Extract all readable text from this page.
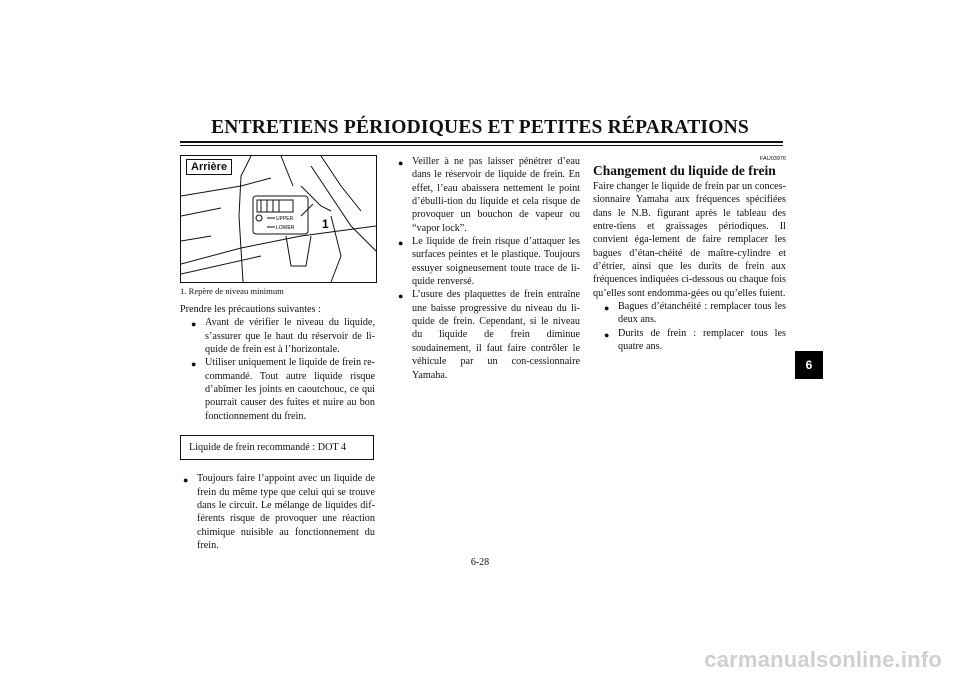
ENTRETIENS PÉRIODIQUES ET PETITES RÉPARATIONS
UPPER
LOWER 1
Arrière
1. Repère de niveau minimum

Prendre les précautions suivantes :

● Avant de vérifier le niveau du liquide, s’assurer que le haut du réservoir de li-quide de frein est à l’horizontale.
● Utiliser uniquement le liquide de frein re-commandé. Tout autre liquide risque d’abîmer les joints en caoutchouc, ce qui pourrait causer des fuites et nuire au bon fonctionnement du frein.
Liquide de frein recommandé : DOT 4
● Toujours faire l’appoint avec un liquide de frein du même type que celui qui se trouve dans le circuit. Le mélange de liquides dif-férents risque de provoquer une réaction chimique nuisible au fonctionnement du frein.
● Veiller à ne pas laisser pénétrer d’eau dans le réservoir de liquide de frein. En effet, l’eau abaissera nettement le point d’ébulli-tion du liquide et cela risque de provoquer un bouchon de vapeur ou “vapor lock”.
● Le liquide de frein risque d’attaquer les surfaces peintes et le plastique. Toujours essuyer soigneusement toute trace de li-quide renversé.
● L’usure des plaquettes de frein entraîne une baisse progressive du niveau du li-quide de frein. Cependant, si le niveau du liquide de frein diminue soudainement, il faut faire contrôler le véhicule par un con-cessionnaire Yamaha.
FAU03976
Changement du liquide de frein

Faire changer le liquide de frein par un conces-sionnaire Yamaha aux fréquences spécifiées dans le N.B. figurant après le tableau des entre-tiens et graissages périodiques. Il convient éga-lement de faire remplacer les bagues d’étan-chéité de maître-cylindre et d’étrier, ainsi que les durits de frein aux fréquences indiquées ci-dessous ou chaque fois qu’elles sont endomma-gées ou qu’elles fuient.

● Bagues d’étanchéité : remplacer tous les deux ans.
● Durits de frein : remplacer tous les quatre ans.
6
6-28
carmanualsonline.info
